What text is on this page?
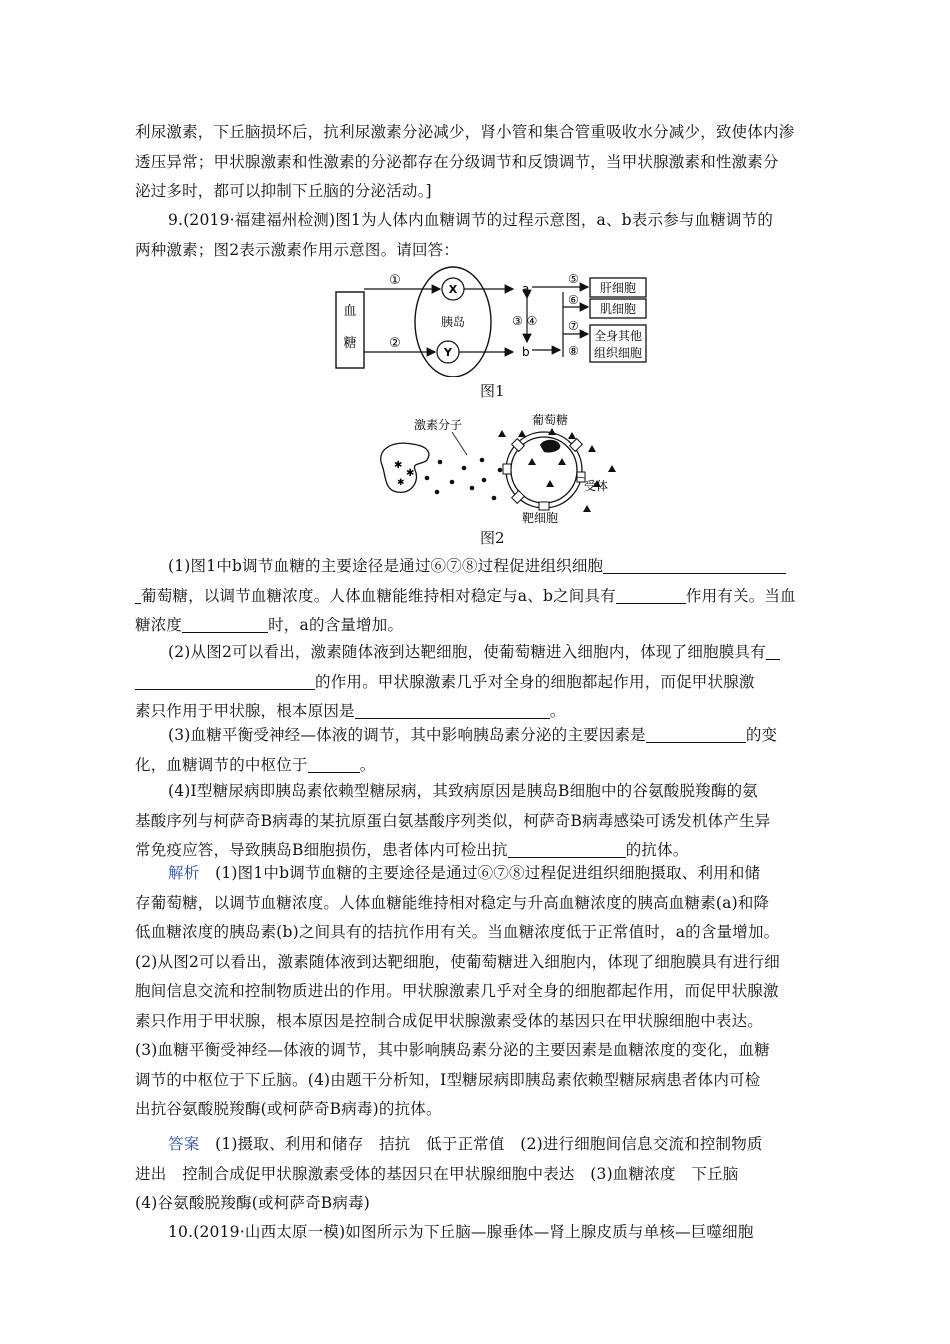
利尿激素，下丘脑损坏后，抗利尿激素分泌减少，肾小管和集合管重吸收水分减少，致使体内渗
透压异常；甲状腺激素和性激素的分泌都存在分级调节和反馈调节，当甲状腺激素和性激素分
泌过多时，都可以抑制下丘脑的分泌活动。]
9.(2019·福建福州检测)图1为人体内血糖调节的过程示意图，a、b表示参与血糖调节的
两种激素；图2表示激素作用示意图。请回答：
血
糖
胰岛
X
Y
①
②
a
b
③ ④
⑤
⑥
⑦
⑧
肝细胞
肌细胞
全身其他
组织细胞
图1
✱
✱
✱
激素分子	葡萄糖
受体
靶细胞
图2
(1)图1中b调节血糖的主要途径是通过⑥⑦⑧过程促进组织细胞
葡萄糖，以调节血糖浓度。人体血糖能维持相对稳定与a、b之间具有	作用有关。当血
糖浓度	时，a的含量增加。
(2)从图2可以看出，激素随体液到达靶细胞，使葡萄糖进入细胞内，体现了细胞膜具有
的作用。甲状腺激素几乎对全身的细胞都起作用，而促甲状腺激
素只作用于甲状腺，根本原因是	。
(3)血糖平衡受神经—体液的调节，其中影响胰岛素分泌的主要因素是	的变
化，血糖调节的中枢位于	。
(4)Ⅰ型糖尿病即胰岛素依赖型糖尿病，其致病原因是胰岛B细胞中的谷氨酸脱羧酶的氨
基酸序列与柯萨奇B病毒的某抗原蛋白氨基酸序列类似，柯萨奇B病毒感染可诱发机体产生异
常免疫应答，导致胰岛B细胞损伤，患者体内可检出抗	的抗体。
解析　 (1)图1中b调节血糖的主要途径是通过⑥⑦⑧过程促进组织细胞摄取、利用和储
存葡萄糖，以调节血糖浓度。人体血糖能维持相对稳定与升高血糖浓度的胰高血糖素(a)和降
低血糖浓度的胰岛素(b)之间具有的拮抗作用有关。当血糖浓度低于正常值时，a的含量增加。
(2)从图2可以看出，激素随体液到达靶细胞，使葡萄糖进入细胞内，体现了细胞膜具有进行细
胞间信息交流和控制物质进出的作用。甲状腺激素几乎对全身的细胞都起作用，而促甲状腺激
素只作用于甲状腺，根本原因是控制合成促甲状腺激素受体的基因只在甲状腺细胞中表达。
(3)血糖平衡受神经—体液的调节，其中影响胰岛素分泌的主要因素是血糖浓度的变化，血糖
调节的中枢位于下丘脑。(4)由题干分析知，Ⅰ型糖尿病即胰岛素依赖型糖尿病患者体内可检
出抗谷氨酸脱羧酶(或柯萨奇B病毒)的抗体。
答案　 (1)摄取、利用和储存　拮抗　低于正常值　(2)进行细胞间信息交流和控制物质
进出　控制合成促甲状腺激素受体的基因只在甲状腺细胞中表达　(3)血糖浓度　下丘脑
(4)谷氨酸脱羧酶(或柯萨奇B病毒)
10.(2019·山西太原一模)如图所示为下丘脑—腺垂体—肾上腺皮质与单核—巨噬细胞
